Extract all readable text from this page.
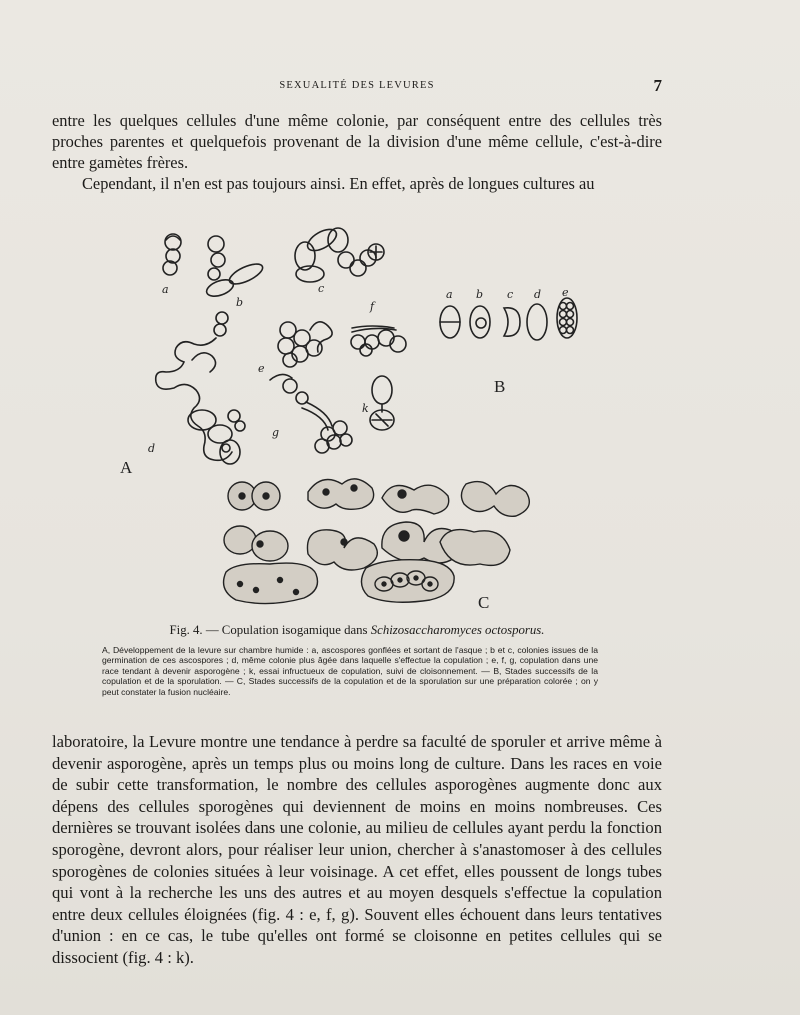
SEXUALITÉ DES LEVURES	7

entre les quelques cellules d'une même colonie, par conséquent entre des cellules très proches parentes et quelquefois provenant de la division d'une même cellule, c'est-à-dire entre gamètes frères.

Cependant, il n'en est pas toujours ainsi. En effet, après de longues cultures au

a
b
c
d
e
f
g
k
a b c d e
A
B
C

Fig. 4. — Copulation isogamique dans Schizosaccharomyces octosporus.

A, Développement de la levure sur chambre humide : a, ascospores gonflées et sortant de l'asque ; b et c, colonies issues de la germination de ces ascospores ; d, même colonie plus âgée dans laquelle s'effectue la copulation ; e, f, g, copulation dans une race tendant à devenir asporogène ; k, essai infructueux de copulation, suivi de cloisonnement. — B, Stades successifs de la copulation et de la sporulation. — C, Stades successifs de la copulation et de la sporulation sur une préparation colorée ; on y peut constater la fusion nucléaire.

laboratoire, la Levure montre une tendance à perdre sa faculté de sporuler et arrive même à devenir asporogène, après un temps plus ou moins long de culture. Dans les races en voie de subir cette transformation, le nombre des cellules asporogènes augmente donc aux dépens des cellules sporogènes qui deviennent de moins en moins nombreuses. Ces dernières se trouvant isolées dans une colonie, au milieu de cellules ayant perdu la fonction sporogène, devront alors, pour réaliser leur union, chercher à s'anastomoser à des cellules sporogènes de colonies situées à leur voisinage. A cet effet, elles poussent de longs tubes qui vont à la recherche les uns des autres et au moyen desquels s'effectue la copulation entre deux cellules éloignées (fig. 4 : e, f, g). Souvent elles échouent dans leurs tentatives d'union : en ce cas, le tube qu'elles ont formé se cloisonne en petites cellules qui se dissocient (fig. 4 : k).
